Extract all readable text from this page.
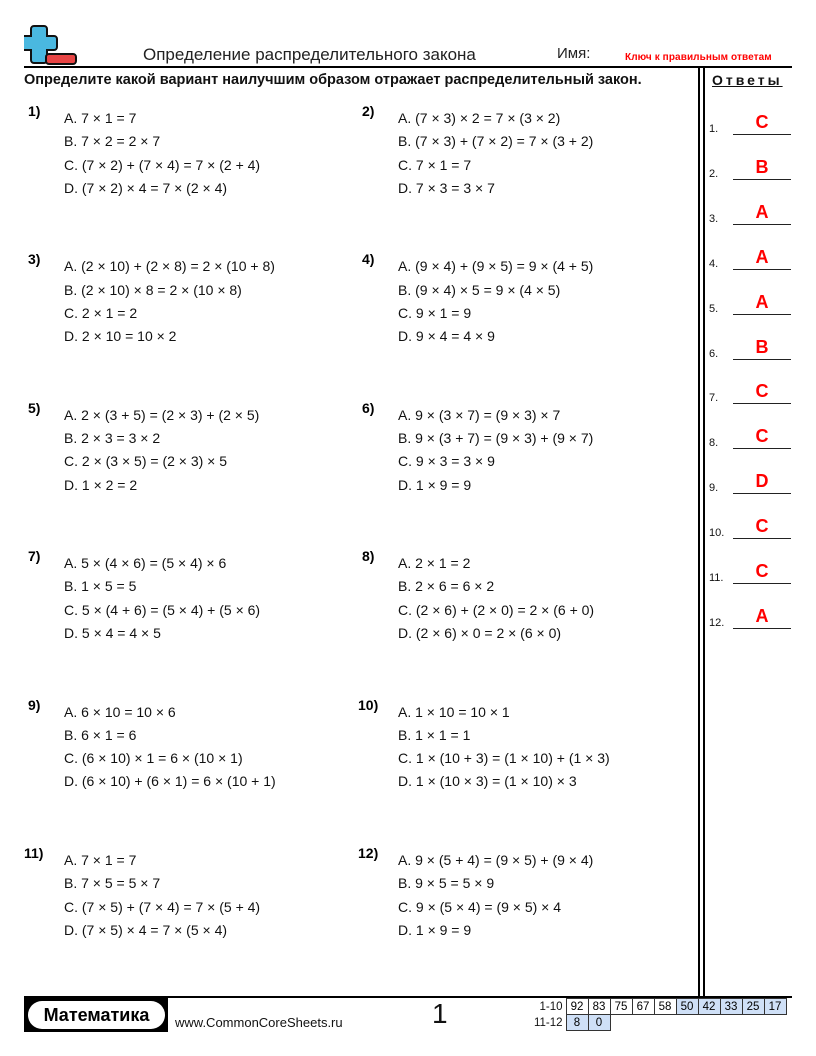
Определение распределительного закона	Имя:	Ключ к правильным ответам
Определите какой вариант наилучшим образом отражает распределительный закон.	Ответы
1) A. 7 × 1 = 7
B. 7 × 2 = 2 × 7
C. (7 × 2) + (7 × 4) = 7 × (2 + 4)
D. (7 × 2) × 4 = 7 × (2 × 4)
2) A. (7 × 3) × 2 = 7 × (3 × 2)
B. (7 × 3) + (7 × 2) = 7 × (3 + 2)
C. 7 × 1 = 7
D. 7 × 3 = 3 × 7
3) A. (2 × 10) + (2 × 8) = 2 × (10 + 8)
B. (2 × 10) × 8 = 2 × (10 × 8)
C. 2 × 1 = 2
D. 2 × 10 = 10 × 2
4) A. (9 × 4) + (9 × 5) = 9 × (4 + 5)
B. (9 × 4) × 5 = 9 × (4 × 5)
C. 9 × 1 = 9
D. 9 × 4 = 4 × 9
5) A. 2 × (3 + 5) = (2 × 3) + (2 × 5)
B. 2 × 3 = 3 × 2
C. 2 × (3 × 5) = (2 × 3) × 5
D. 1 × 2 = 2
6) A. 9 × (3 × 7) = (9 × 3) × 7
B. 9 × (3 + 7) = (9 × 3) + (9 × 7)
C. 9 × 3 = 3 × 9
D. 1 × 9 = 9
7) A. 5 × (4 × 6) = (5 × 4) × 6
B. 1 × 5 = 5
C. 5 × (4 + 6) = (5 × 4) + (5 × 6)
D. 5 × 4 = 4 × 5
8) A. 2 × 1 = 2
B. 2 × 6 = 6 × 2
C. (2 × 6) + (2 × 0) = 2 × (6 + 0)
D. (2 × 6) × 0 = 2 × (6 × 0)
9) A. 6 × 10 = 10 × 6
B. 6 × 1 = 6
C. (6 × 10) × 1 = 6 × (10 × 1)
D. (6 × 10) + (6 × 1) = 6 × (10 + 1)
10) A. 1 × 10 = 10 × 1
B. 1 × 1 = 1
C. 1 × (10 + 3) = (1 × 10) + (1 × 3)
D. 1 × (10 × 3) = (1 × 10) × 3
11) A. 7 × 1 = 7
B. 7 × 5 = 5 × 7
C. (7 × 5) + (7 × 4) = 7 × (5 + 4)
D. (7 × 5) × 4 = 7 × (5 × 4)
12) A. 9 × (5 + 4) = (9 × 5) + (9 × 4)
B. 9 × 5 = 5 × 9
C. 9 × (5 × 4) = (9 × 5) × 4
D. 1 × 9 = 9
1.	C
2.	B
3.	A
4.	A
5.	A
6.	B
7.	C
8.	C
9.	D
10.	C
11.	C
12.	A
Математика	www.CommonCoreSheets.ru	1	1-10	92	83	75	67	58	50	42	33	25	17
11-12	8	0								
